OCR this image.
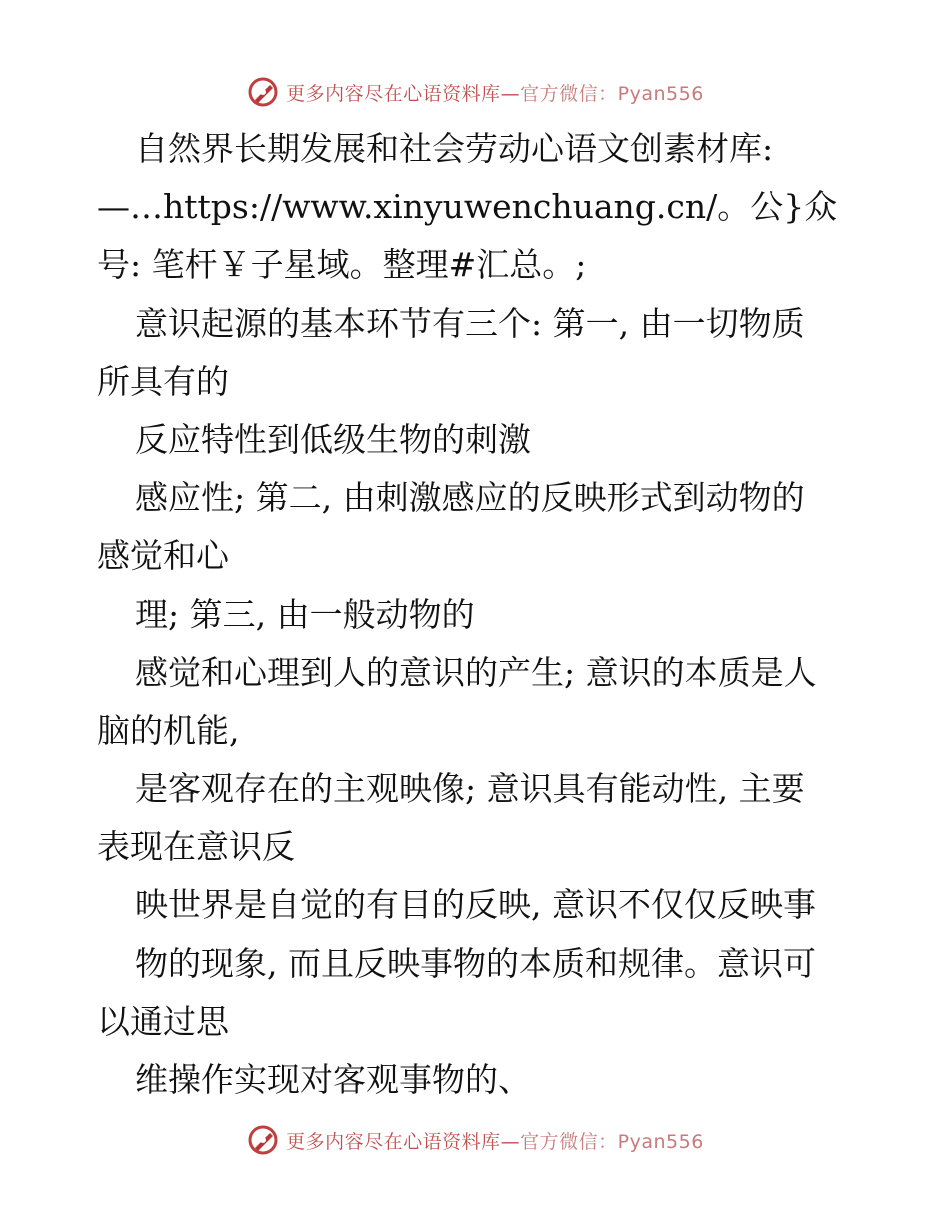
更多内容尽在心语资料库—官方微信：Pyan556
自然界长期发展和社会劳动心语文创素材库:
—…https://www.xinyuwenchuang.cn/。公}众
号: 笔杆￥子星域。整理#汇总。;
意识起源的基本环节有三个: 第一, 由一切物质
所具有的
反应特性到低级生物的刺激
感应性; 第二, 由刺激感应的反映形式到动物的
感觉和心
理; 第三, 由一般动物的
感觉和心理到人的意识的产生; 意识的本质是人
脑的机能,
是客观存在的主观映像; 意识具有能动性, 主要
表现在意识反
映世界是自觉的有目的反映, 意识不仅仅反映事
物的现象, 而且反映事物的本质和规律。意识可
以通过思
维操作实现对客观事物的、
更多内容尽在心语资料库—官方微信：Pyan556
